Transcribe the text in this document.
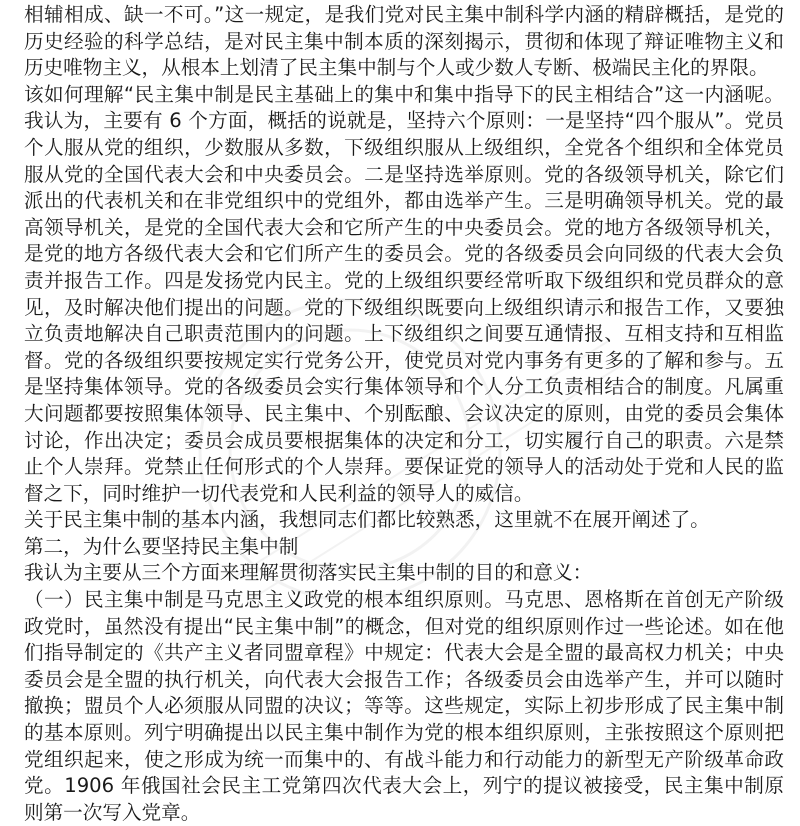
相辅相成、缺一不可。”这一规定，是我们党对民主集中制科学内涵的精辟概括，是党的历史经验的科学总结，是对民主集中制本质的深刻揭示，贯彻和体现了辩证唯物主义和历史唯物主义，从根本上划清了民主集中制与个人或少数人专断、极端民主化的界限。

该如何理解“民主集中制是民主基础上的集中和集中指导下的民主相结合”这一内涵呢。我认为，主要有 6 个方面，概括的说就是，坚持六个原则：一是坚持“四个服从”。党员个人服从党的组织，少数服从多数，下级组织服从上级组织，全党各个组织和全体党员服从党的全国代表大会和中央委员会。二是坚持选举原则。党的各级领导机关，除它们派出的代表机关和在非党组织中的党组外，都由选举产生。三是明确领导机关。党的最高领导机关，是党的全国代表大会和它所产生的中央委员会。党的地方各级领导机关，是党的地方各级代表大会和它们所产生的委员会。党的各级委员会向同级的代表大会负责并报告工作。四是发扬党内民主。党的上级组织要经常听取下级组织和党员群众的意见，及时解决他们提出的问题。党的下级组织既要向上级组织请示和报告工作，又要独立负责地解决自己职责范围内的问题。上下级组织之间要互通情报、互相支持和互相监督。党的各级组织要按规定实行党务公开，使党员对党内事务有更多的了解和参与。五是坚持集体领导。党的各级委员会实行集体领导和个人分工负责相结合的制度。凡属重大问题都要按照集体领导、民主集中、个别酝酿、会议决定的原则，由党的委员会集体讨论，作出决定；委员会成员要根据集体的决定和分工，切实履行自己的职责。六是禁止个人崇拜。党禁止任何形式的个人崇拜。要保证党的领导人的活动处于党和人民的监督之下，同时维护一切代表党和人民利益的领导人的威信。

关于民主集中制的基本内涵，我想同志们都比较熟悉，这里就不在展开阐述了。

第二，为什么要坚持民主集中制

我认为主要从三个方面来理解贯彻落实民主集中制的目的和意义：

（一）民主集中制是马克思主义政党的根本组织原则。马克思、恩格斯在首创无产阶级政党时，虽然没有提出“民主集中制”的概念，但对党的组织原则作过一些论述。如在他们指导制定的《共产主义者同盟章程》中规定：代表大会是全盟的最高权力机关；中央委员会是全盟的执行机关，向代表大会报告工作；各级委员会由选举产生，并可以随时撤换；盟员个人必须服从同盟的决议；等等。这些规定，实际上初步形成了民主集中制的基本原则。列宁明确提出以民主集中制作为党的根本组织原则，主张按照这个原则把党组织起来，使之形成为统一而集中的、有战斗能力和行动能力的新型无产阶级革命政党。1906 年俄国社会民主工党第四次代表大会上，列宁的提议被接受，民主集中制原则第一次写入党章。
